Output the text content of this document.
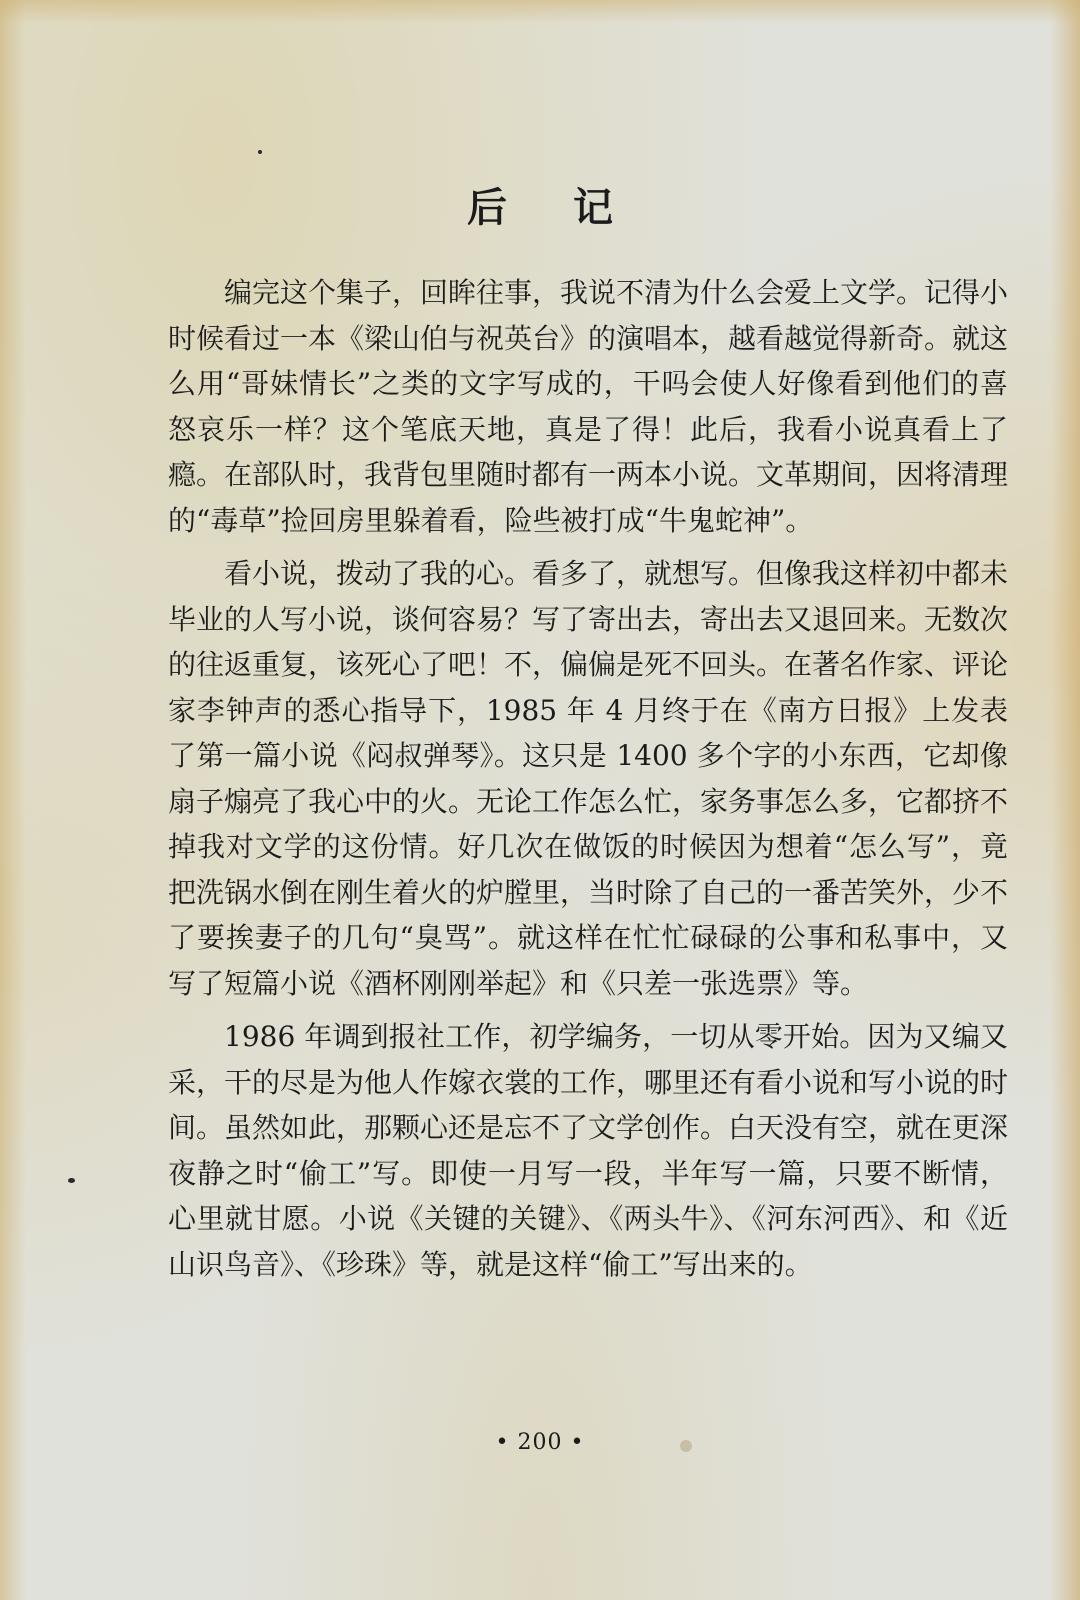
后 记

编完这个集子，回眸往事，我说不清为什么会爱上文学。记得小时候看过一本《梁山伯与祝英台》的演唱本，越看越觉得新奇。就这么用“哥妹情长”之类的文字写成的，干吗会使人好像看到他们的喜怒哀乐一样？这个笔底天地，真是了得！此后，我看小说真看上了瘾。在部队时，我背包里随时都有一两本小说。文革期间，因将清理的“毒草”捡回房里躲着看，险些被打成“牛鬼蛇神”。

看小说，拨动了我的心。看多了，就想写。但像我这样初中都未毕业的人写小说，谈何容易？写了寄出去，寄出去又退回来。无数次的往返重复，该死心了吧！不，偏偏是死不回头。在著名作家、评论家李钟声的悉心指导下，1985 年 4 月终于在《南方日报》上发表了第一篇小说《闷叔弹琴》。这只是 1400 多个字的小东西，它却像扇子煽亮了我心中的火。无论工作怎么忙，家务事怎么多，它都挤不掉我对文学的这份情。好几次在做饭的时候因为想着“怎么写”，竟把洗锅水倒在刚生着火的炉膛里，当时除了自己的一番苦笑外，少不了要挨妻子的几句“臭骂”。就这样在忙忙碌碌的公事和私事中，又写了短篇小说《酒杯刚刚举起》和《只差一张选票》等。

1986 年调到报社工作，初学编务，一切从零开始。因为又编又采，干的尽是为他人作嫁衣裳的工作，哪里还有看小说和写小说的时间。虽然如此，那颗心还是忘不了文学创作。白天没有空，就在更深夜静之时“偷工”写。即使一月写一段，半年写一篇，只要不断情，心里就甘愿。小说《关键的关键》、《两头牛》、《河东河西》、和《近山识鸟音》、《珍珠》等，就是这样“偷工”写出来的。

• 200 •
